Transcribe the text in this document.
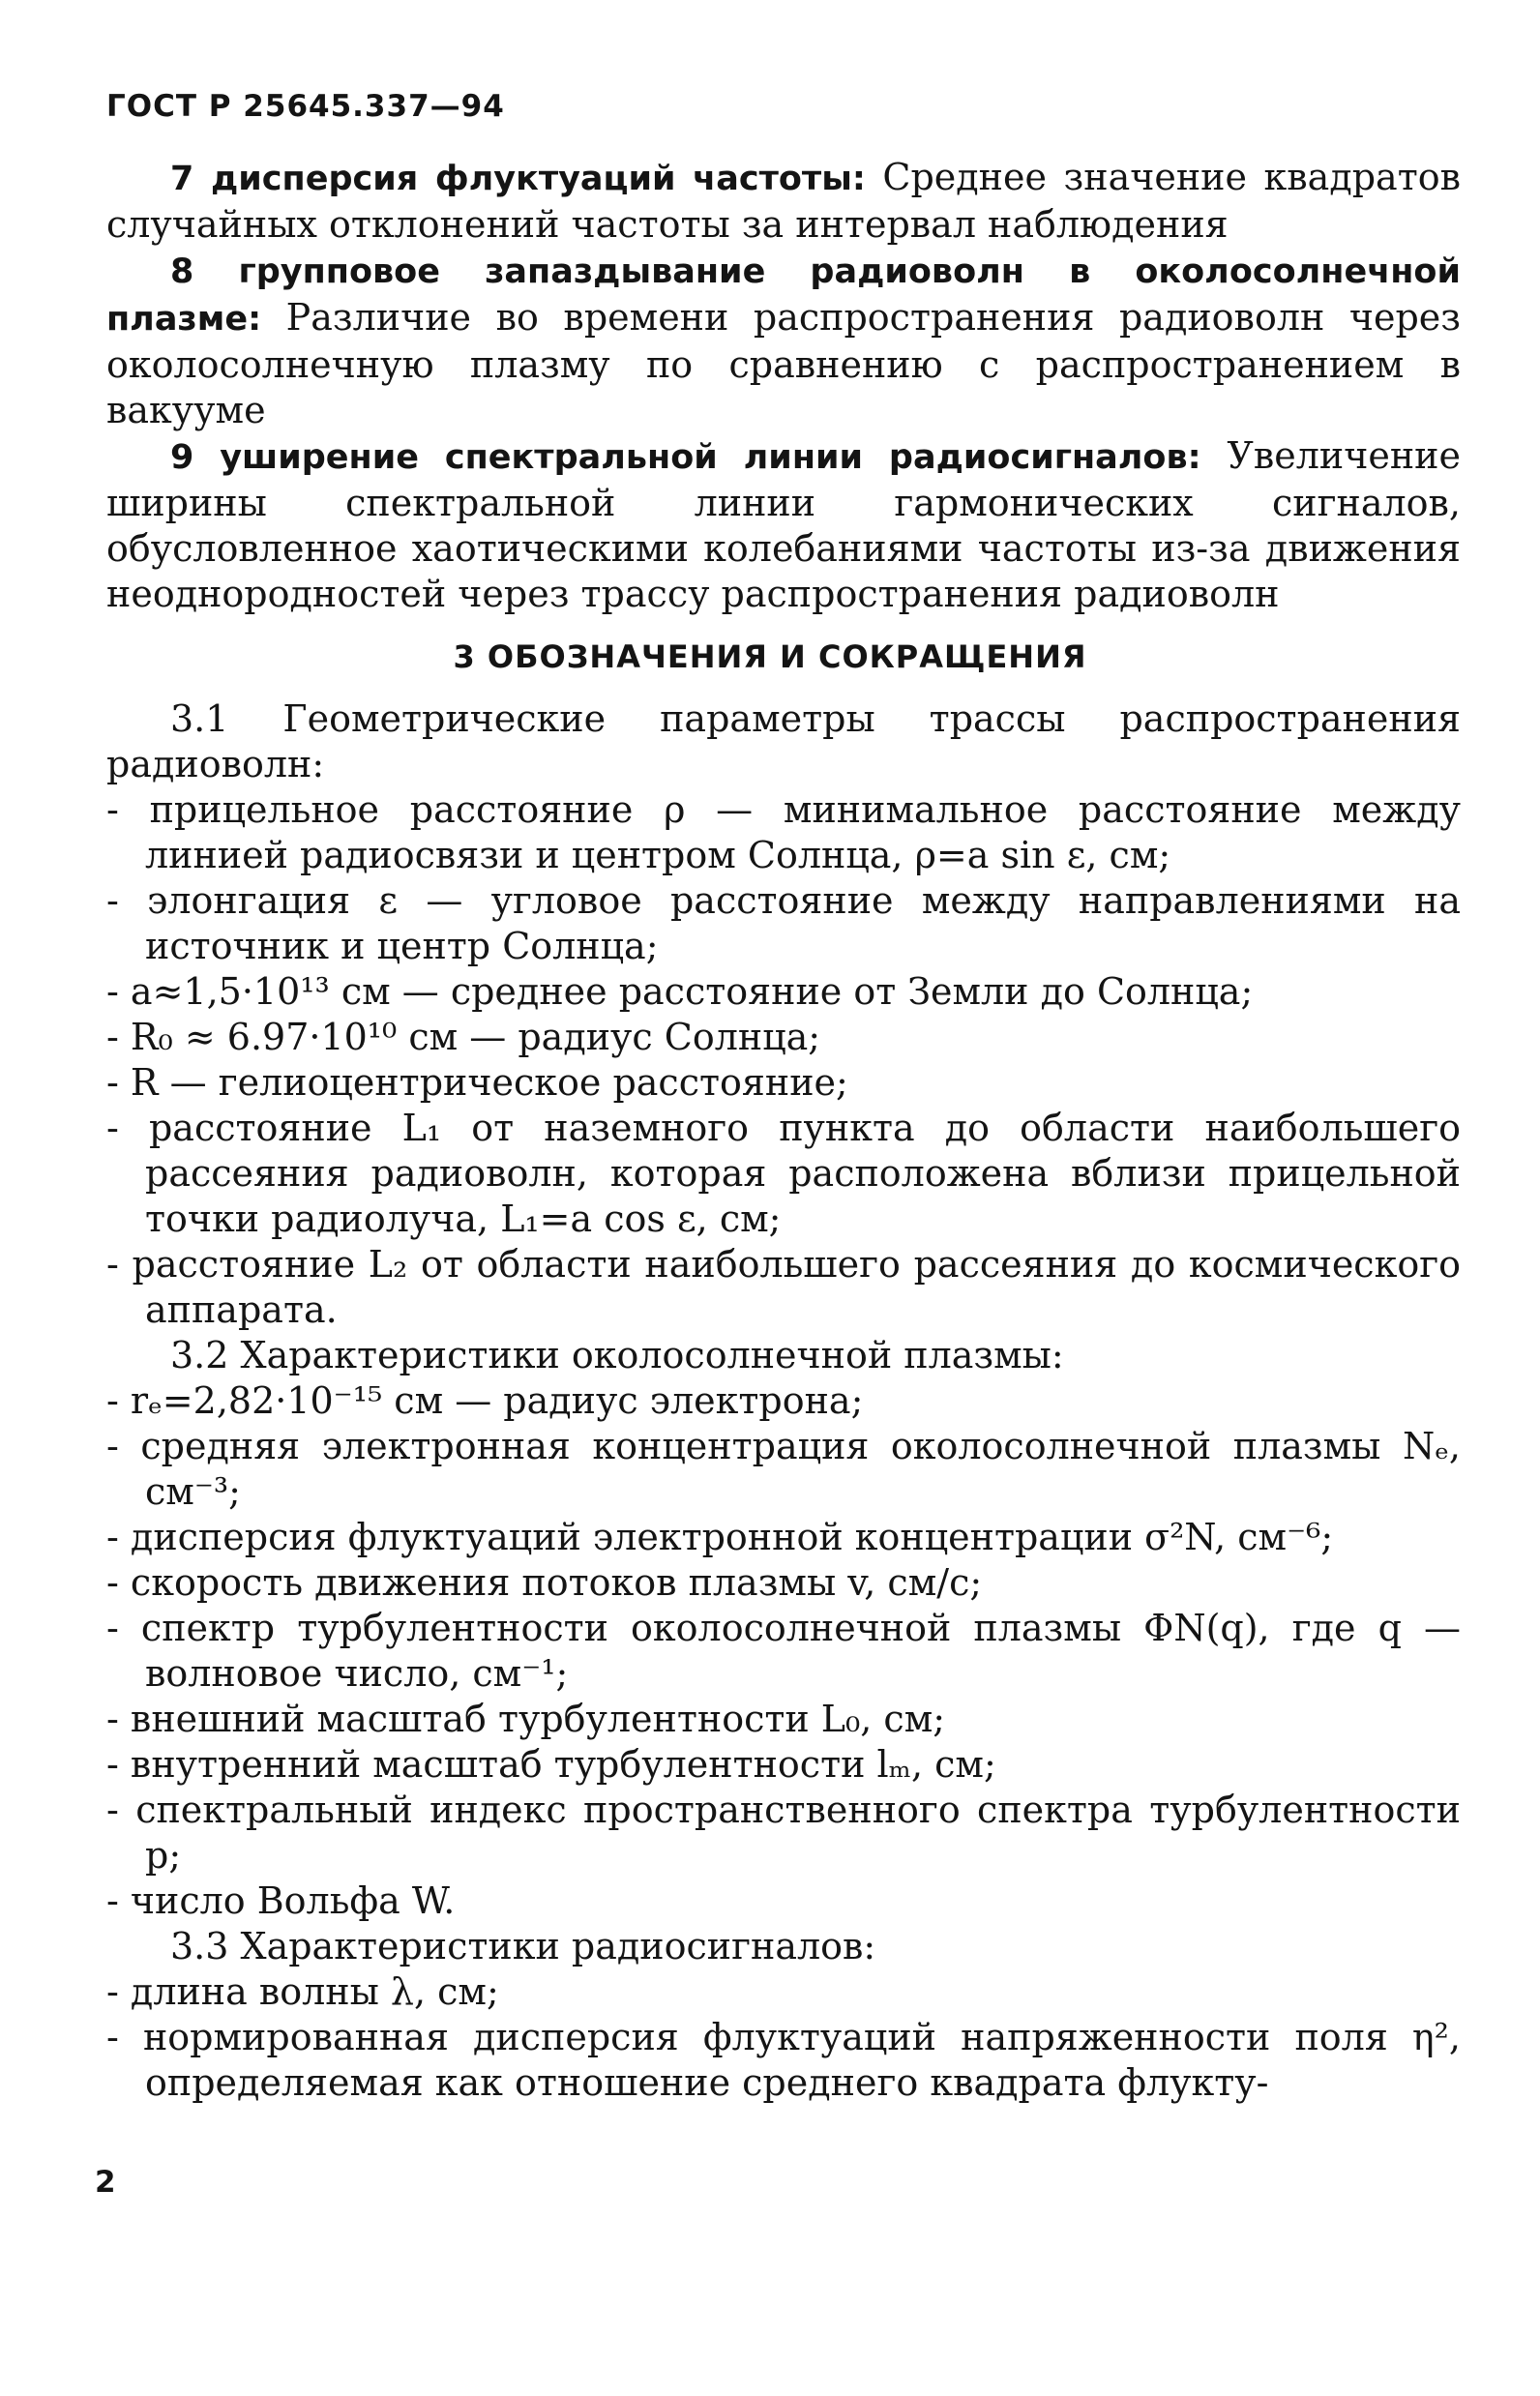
ГОСТ Р 25645.337—94

7 дисперсия флуктуаций частоты: Среднее значение квадратов случайных отклонений частоты за интервал наблюдения

8 групповое запаздывание радиоволн в околосолнечной плазме: Различие во времени распространения радиоволн через околосолнечную плазму по сравнению с распространением в вакууме

9 уширение спектральной линии радиосигналов: Увеличение ширины спектральной линии гармонических сигналов, обусловленное хаотическими колебаниями частоты из-за движения неоднородностей через трассу распространения радиоволн

3 ОБОЗНАЧЕНИЯ И СОКРАЩЕНИЯ

3.1 Геометрические параметры трассы распространения радиоволн:

- прицельное расстояние ρ — минимальное расстояние между линией радиосвязи и центром Солнца, ρ=a sin ε, см;

- элонгация ε — угловое расстояние между направлениями на источник и центр Солнца;

- a≈1,5·10¹³ см — среднее расстояние от Земли до Солнца;

- R₀ ≈ 6.97·10¹⁰ см — радиус Солнца;

- R — гелиоцентрическое расстояние;

- расстояние L₁ от наземного пункта до области наибольшего рассеяния радиоволн, которая расположена вблизи прицельной точки радиолуча, L₁=a cos ε, см;

- расстояние L₂ от области наибольшего рассеяния до космического аппарата.

3.2 Характеристики околосолнечной плазмы:

- rₑ=2,82·10⁻¹⁵ см — радиус электрона;

- средняя электронная концентрация околосолнечной плазмы Nₑ, см⁻³;

- дисперсия флуктуаций электронной концентрации σ²N, см⁻⁶;

- скорость движения потоков плазмы v, см/с;

- спектр турбулентности околосолнечной плазмы ΦN(q), где q — волновое число, см⁻¹;

- внешний масштаб турбулентности L₀, см;

- внутренний масштаб турбулентности lₘ, см;

- спектральный индекс пространственного спектра турбулентности p;

- число Вольфа W.

3.3 Характеристики радиосигналов:

- длина волны λ, см;

- нормированная дисперсия флуктуаций напряженности поля η², определяемая как отношение среднего квадрата флукту-

2
